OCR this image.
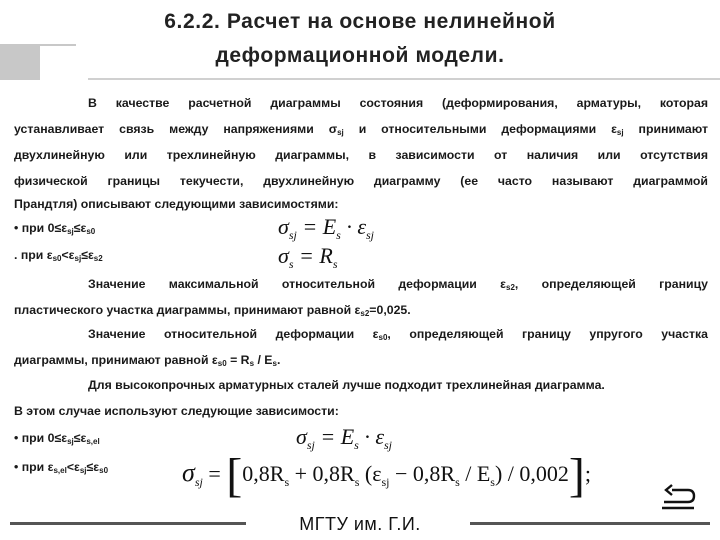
6.2.2. Расчет на основе нелинейной
деформационной модели.
В качестве расчетной диаграммы состояния (деформирования, арматуры, которая
устанавливает связь между напряжениями $\sigma_{sj}$ и относительными деформациями $\varepsilon_{sj}$ принимают
двухлинейную или трехлинейную диаграммы, в зависимости от наличия или отсутствия
физической границы текучести, двухлинейную диаграмму (ее часто называют диаграммой
Прандтля) описывают следующими зависимостями:
• при $0\le\varepsilon_{sj}\le\varepsilon_{s0}$	$\sigma_{sj} = E_s \cdot \varepsilon_{sj}$
. при $\varepsilon_{s0}<\varepsilon_{sj}\le\varepsilon_{s2}$	$\sigma_s = R_s$
Значение максимальной относительной деформации $\varepsilon_{s2}$, определяющей границу
пластического участка диаграммы, принимают равной $\varepsilon_{s2}=0,025$.
Значение относительной деформации $\varepsilon_{s0}$, определяющей границу упругого участка
диаграммы, принимают равной $\varepsilon_{s0} = R_s / E_s$.
Для высокопрочных арматурных сталей лучше подходит трехлинейная диаграмма.
В этом случае используют следующие зависимости:
• при $0\le\varepsilon_{sj}\le\varepsilon_{s,el}$	$\sigma_{sj} = E_s \cdot \varepsilon_{sj}$
• при $\varepsilon_{s,el}<\varepsilon_{sj}\le\varepsilon_{s0}$	$\sigma_{sj} = [0,8R_s + 0,8R_s$ $(\varepsilon_{sj} - 0,8R_s / E_s) / 0,002$];
МГТУ им. Г.И.
